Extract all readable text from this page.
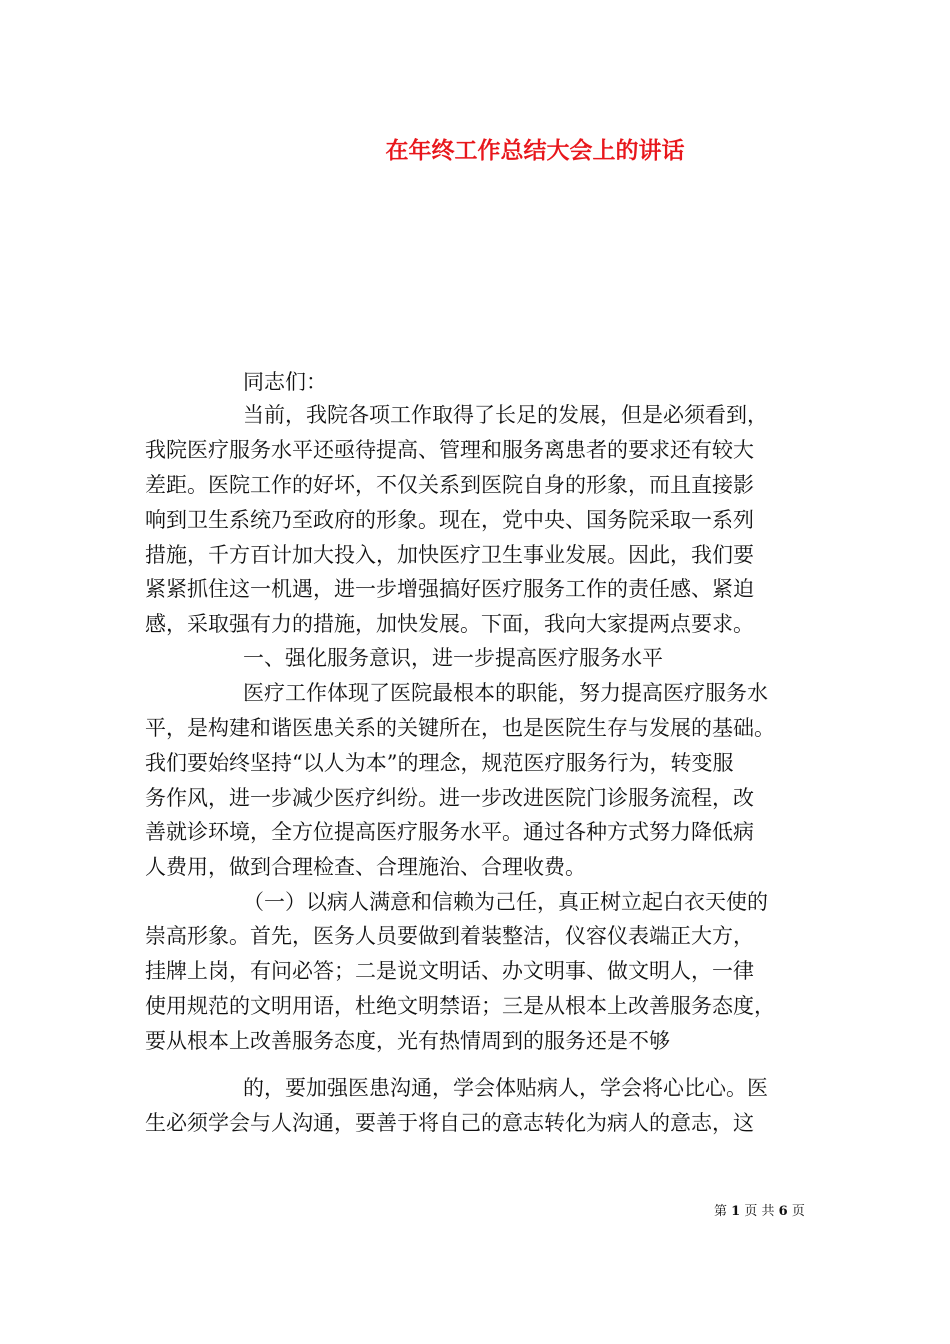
在年终工作总结大会上的讲话
同志们：
当前，我院各项工作取得了长足的发展，但是必须看到，
我院医疗服务水平还亟待提高、管理和服务离患者的要求还有较大
差距。医院工作的好坏，不仅关系到医院自身的形象，而且直接影
响到卫生系统乃至政府的形象。现在，党中央、国务院采取一系列
措施，千方百计加大投入，加快医疗卫生事业发展。因此，我们要
紧紧抓住这一机遇，进一步增强搞好医疗服务工作的责任感、紧迫
感，采取强有力的措施，加快发展。下面，我向大家提两点要求。
一、强化服务意识，进一步提高医疗服务水平
医疗工作体现了医院最根本的职能，努力提高医疗服务水
平，是构建和谐医患关系的关键所在，也是医院生存与发展的基础。
我们要始终坚持“以人为本”的理念，规范医疗服务行为，转变服
务作风，进一步减少医疗纠纷。进一步改进医院门诊服务流程，改
善就诊环境，全方位提高医疗服务水平。通过各种方式努力降低病
人费用，做到合理检查、合理施治、合理收费。
（一）以病人满意和信赖为己任，真正树立起白衣天使的
崇高形象。首先，医务人员要做到着装整洁，仪容仪表端正大方，
挂牌上岗，有问必答；二是说文明话、办文明事、做文明人，一律
使用规范的文明用语，杜绝文明禁语；三是从根本上改善服务态度，
要从根本上改善服务态度，光有热情周到的服务还是不够
的，要加强医患沟通，学会体贴病人，学会将心比心。医
生必须学会与人沟通，要善于将自己的意志转化为病人的意志，这
第 1 页 共 6 页
